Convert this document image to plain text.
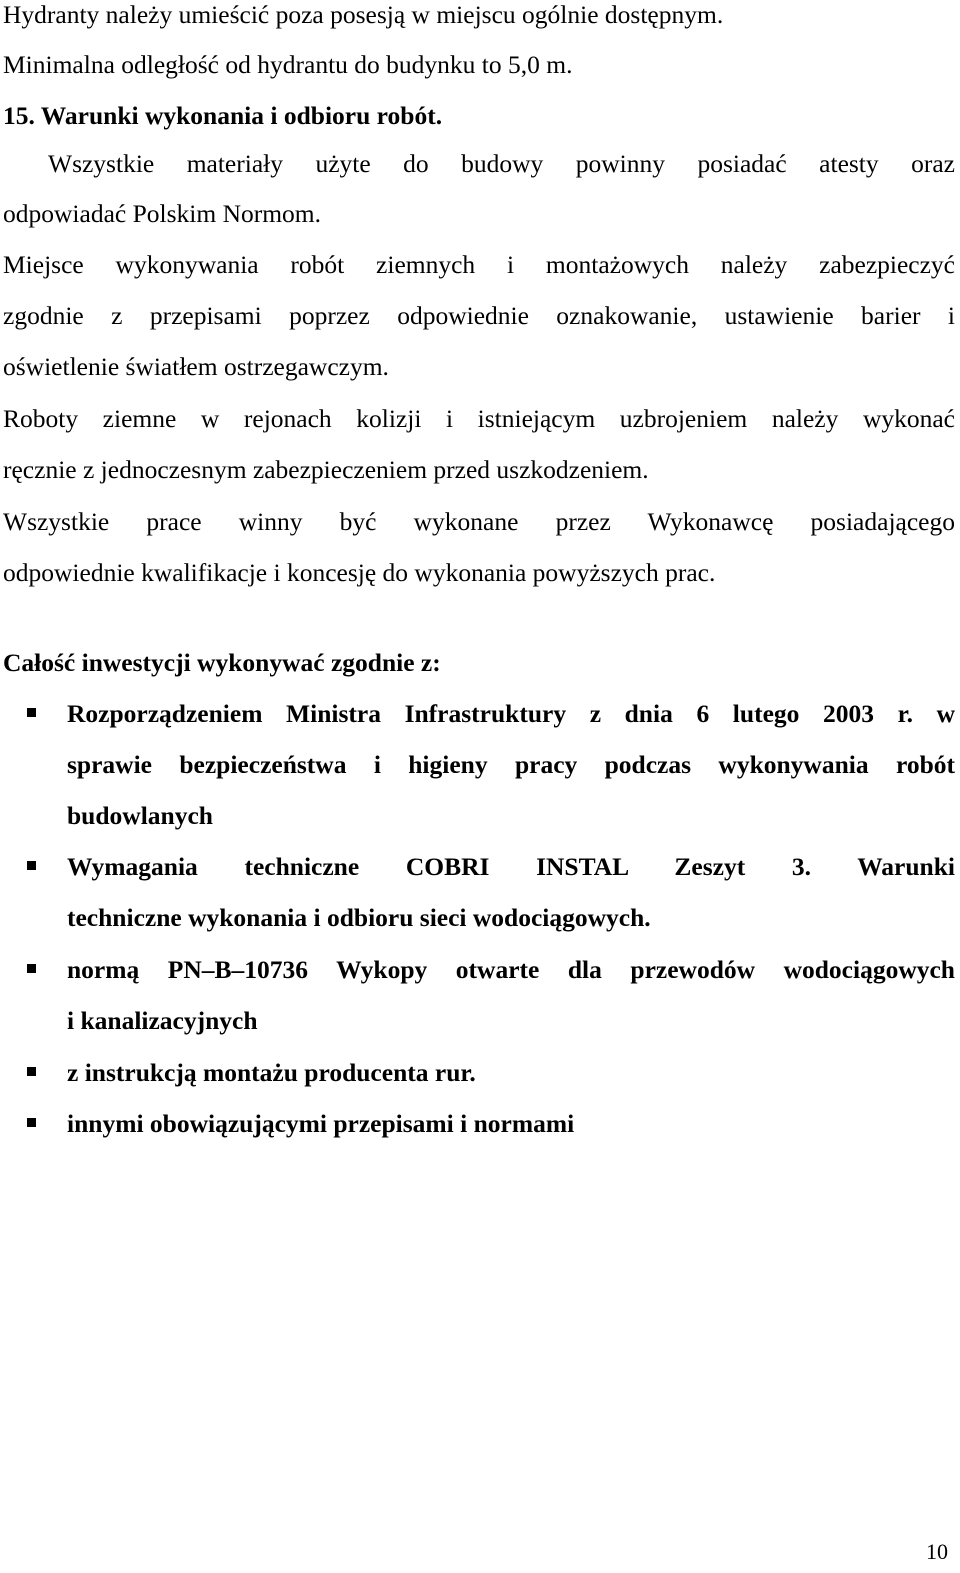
Hydranty należy umieścić poza posesją w miejscu ogólnie dostępnym.
Minimalna odległość od hydrantu do budynku to 5,0 m.
15. Warunki wykonania i odbioru robót.
Wszystkie materiały użyte do budowy powinny posiadać atesty oraz
odpowiadać Polskim Normom.
Miejsce wykonywania robót ziemnych i montażowych należy zabezpieczyć
zgodnie z przepisami poprzez odpowiednie oznakowanie, ustawienie barier i
oświetlenie światłem ostrzegawczym.
Roboty ziemne w rejonach kolizji i istniejącym uzbrojeniem należy wykonać
ręcznie z jednoczesnym zabezpieczeniem przed uszkodzeniem.
Wszystkie prace winny być wykonane przez Wykonawcę posiadającego
odpowiednie kwalifikacje i koncesję do wykonania powyższych prac.
Całość inwestycji wykonywać zgodnie z:
Rozporządzeniem Ministra Infrastruktury z dnia 6 lutego 2003 r. w
sprawie bezpieczeństwa i higieny pracy podczas wykonywania robót
budowlanych
Wymagania techniczne COBRI INSTAL Zeszyt 3. Warunki
techniczne wykonania i odbioru sieci wodociągowych.
normą PN–B–10736 Wykopy otwarte dla przewodów wodociągowych
i kanalizacyjnych
z instrukcją montażu producenta rur.
innymi obowiązującymi przepisami i normami
10
